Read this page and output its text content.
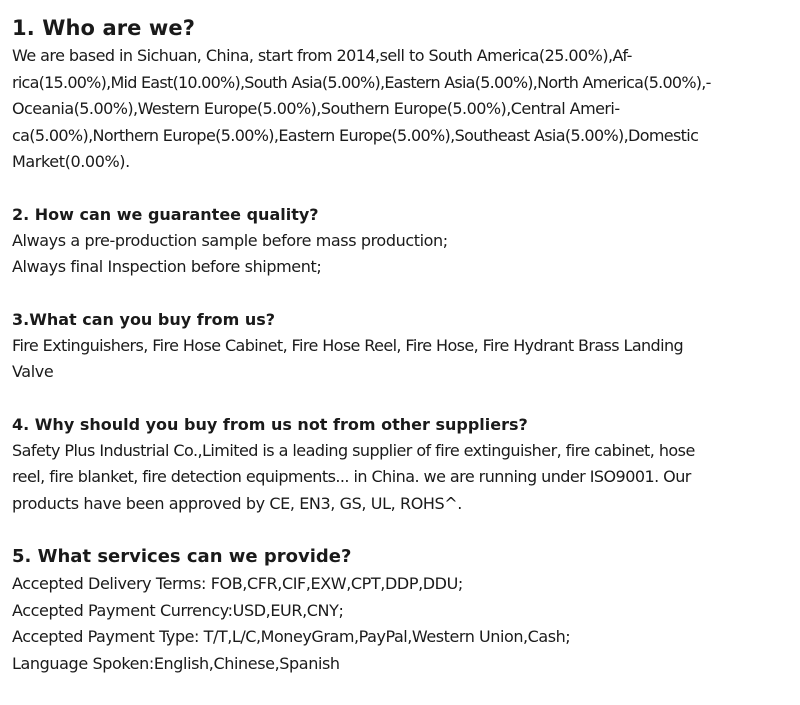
1. Who are we?
We are based in Sichuan, China, start from 2014,sell to South America(25.00%),Af-
rica(15.00%),Mid East(10.00%),South Asia(5.00%),Eastern Asia(5.00%),North America(5.00%),-
Oceania(5.00%),Western Europe(5.00%),Southern Europe(5.00%),Central Ameri-
ca(5.00%),Northern Europe(5.00%),Eastern Europe(5.00%),Southeast Asia(5.00%),Domestic
Market(0.00%).
2. How can we guarantee quality?
Always a pre-production sample before mass production;
Always final Inspection before shipment;
3.What can you buy from us?
Fire Extinguishers, Fire Hose Cabinet, Fire Hose Reel, Fire Hose, Fire Hydrant Brass Landing
Valve
4. Why should you buy from us not from other suppliers?
Safety Plus Industrial Co.,Limited is a leading supplier of fire extinguisher, fire cabinet, hose
reel, fire blanket, fire detection equipments... in China. we are running under ISO9001. Our
products have been approved by CE, EN3, GS, UL, ROHS^.
5. What services can we provide?
Accepted Delivery Terms: FOB,CFR,CIF,EXW,CPT,DDP,DDU;
Accepted Payment Currency:USD,EUR,CNY;
Accepted Payment Type: T/T,L/C,MoneyGram,PayPal,Western Union,Cash;
Language Spoken:English,Chinese,Spanish
